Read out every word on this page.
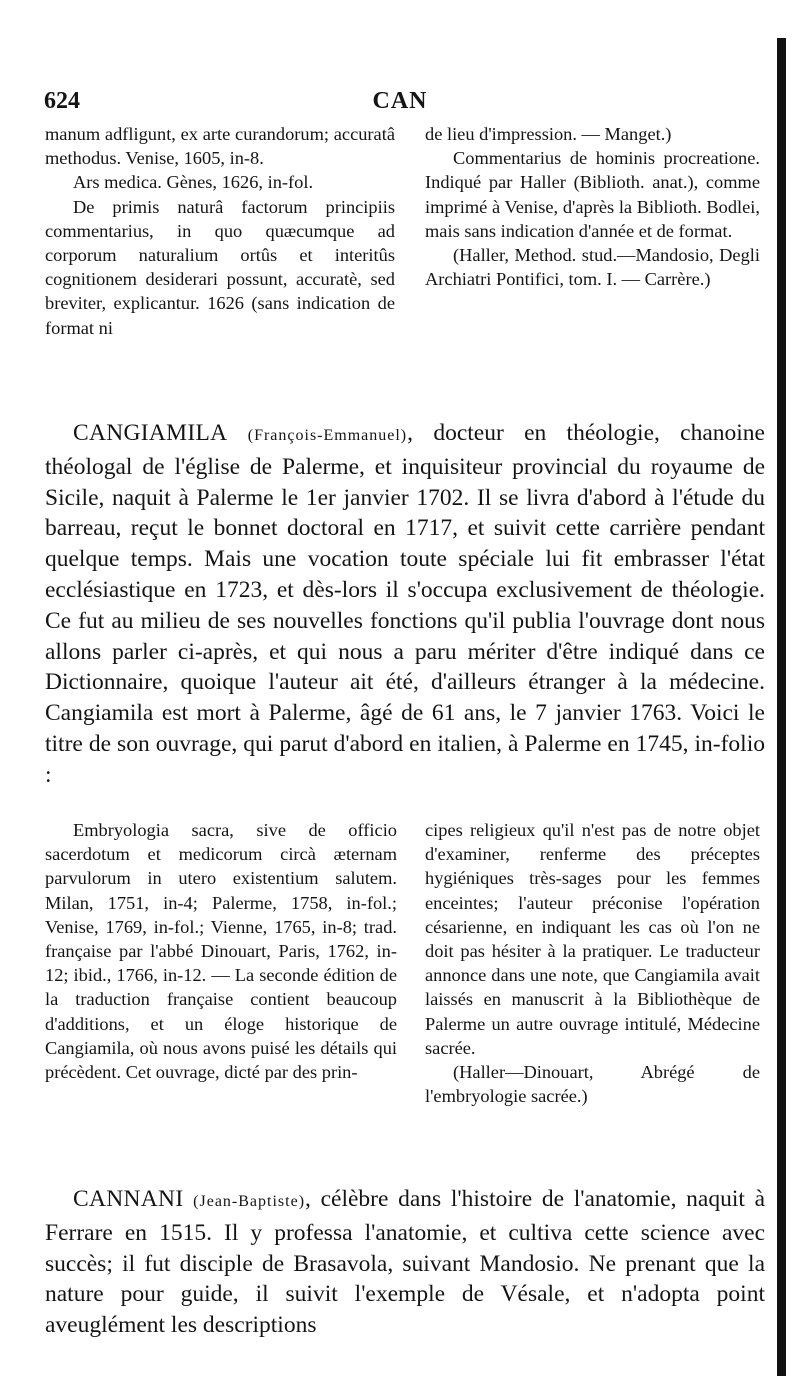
624	CAN

manum adfligunt, ex arte curandorum; accuratâ methodus. Venise, 1605, in-8.

Ars medica. Gènes, 1626, in-fol.

De primis naturâ factorum principiis commentarius, in quo quæcumque ad corporum naturalium ortûs et interitûs cognitionem desiderari possunt, accuratè, sed breviter, explicantur. 1626 (sans indication de format ni

de lieu d'impression. — Manget.)

Commentarius de hominis procreatione. Indiqué par Haller (Biblioth. anat.), comme imprimé à Venise, d'après la Biblioth. Bodlei, mais sans indication d'année et de format.

(Haller, Method. stud.—Mandosio, Degli Archiatri Pontifici, tom. I. — Carrère.)

CANGIAMILA (François-Emmanuel), docteur en théologie, chanoine théologal de l'église de Palerme, et inquisiteur provincial du royaume de Sicile, naquit à Palerme le 1er janvier 1702. Il se livra d'abord à l'étude du barreau, reçut le bonnet doctoral en 1717, et suivit cette carrière pendant quelque temps. Mais une vocation toute spéciale lui fit embrasser l'état ecclésiastique en 1723, et dès-lors il s'occupa exclusivement de théologie. Ce fut au milieu de ses nouvelles fonctions qu'il publia l'ouvrage dont nous allons parler ci-après, et qui nous a paru mériter d'être indiqué dans ce Dictionnaire, quoique l'auteur ait été, d'ailleurs étranger à la médecine. Cangiamila est mort à Palerme, âgé de 61 ans, le 7 janvier 1763. Voici le titre de son ouvrage, qui parut d'abord en italien, à Palerme en 1745, in-folio :

Embryologia sacra, sive de officio sacerdotum et medicorum circà æternam parvulorum in utero existentium salutem. Milan, 1751, in-4; Palerme, 1758, in-fol.; Venise, 1769, in-fol.; Vienne, 1765, in-8; trad. française par l'abbé Dinouart, Paris, 1762, in-12; ibid., 1766, in-12. — La seconde édition de la traduction française contient beaucoup d'additions, et un éloge historique de Cangiamila, où nous avons puisé les détails qui précèdent. Cet ouvrage, dicté par des prin-

cipes religieux qu'il n'est pas de notre objet d'examiner, renferme des préceptes hygiéniques très-sages pour les femmes enceintes; l'auteur préconise l'opération césarienne, en indiquant les cas où l'on ne doit pas hésiter à la pratiquer. Le traducteur annonce dans une note, que Cangiamila avait laissés en manuscrit à la Bibliothèque de Palerme un autre ouvrage intitulé, Médecine sacrée.

(Haller—Dinouart, Abrégé de l'embryologie sacrée.)

CANNANI (Jean-Baptiste), célèbre dans l'histoire de l'anatomie, naquit à Ferrare en 1515. Il y professa l'anatomie, et cultiva cette science avec succès; il fut disciple de Brasavola, suivant Mandosio. Ne prenant que la nature pour guide, il suivit l'exemple de Vésale, et n'adopta point aveuglément les descriptions
